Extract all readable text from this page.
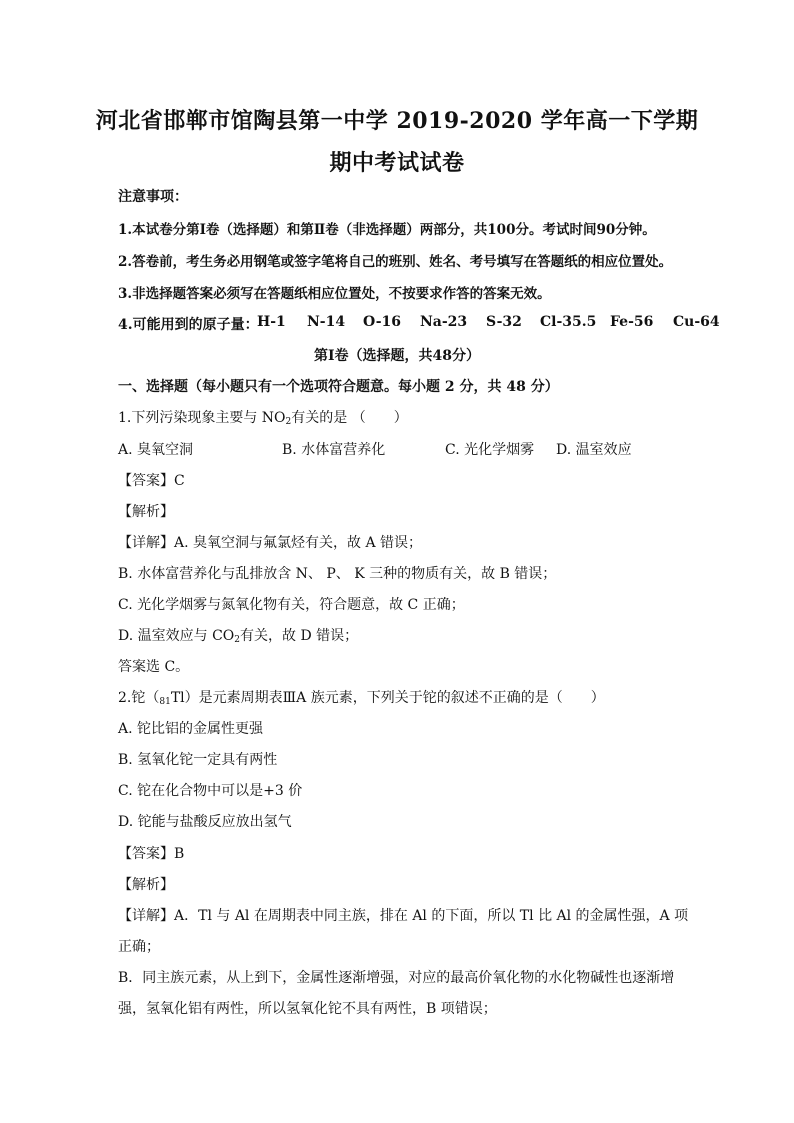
河北省邯郸市馆陶县第一中学 2019-2020 学年高一下学期
期中考试试卷
注意事项：
1.本试卷分第Ⅰ卷（选择题）和第Ⅱ卷（非选择题）两部分，共100分。考试时间90分钟。
2.答卷前，考生务必用钢笔或签字笔将自己的班别、姓名、考号填写在答题纸的相应位置处。
3.非选择题答案必须写在答题纸相应位置处，不按要求作答的答案无效。
4.可能用到的原子量：
H-1 N-14 O-16 Na-23 S-32 Cl-35.5 Fe-56 Cu-64
第Ⅰ卷（选择题，共48分）
一、选择题（每小题只有一个选项符合题意。每小题 2 分，共 48 分）
1.下列污染现象主要与 $NO_2$有关的是 （　　）
A. 臭氧空洞	B. 水体富营养化	C. 光化学烟雾 D. 温室效应
【答案】C
【解析】
【详解】A. 臭氧空洞与氟氯烃有关，故 A 错误；
B. 水体富营养化与乱排放含 N、 P、 K 三种的物质有关，故 B 错误；
C. 光化学烟雾与氮氧化物有关，符合题意，故 C 正确；
D. 温室效应与 $CO_2$有关，故 D 错误；
答案选 C。
2.铊$(_{81}Tl)$是元素周期表ⅢA 族元素，下列关于铊的叙述不正确的是（　　）
A. 铊比铝的金属性更强
B. 氢氧化铊一定具有两性
C. 铊在化合物中可以是+3 价
D. 铊能与盐酸反应放出氢气
【答案】B
【解析】
【详解】A．Tl 与 Al 在周期表中同主族，排在 Al 的下面，所以 Tl 比 Al 的金属性强，A 项
正确；
B．同主族元素，从上到下，金属性逐渐增强，对应的最高价氧化物的水化物碱性也逐渐增
强，氢氧化铝有两性，所以氢氧化铊不具有两性，B 项错误；
